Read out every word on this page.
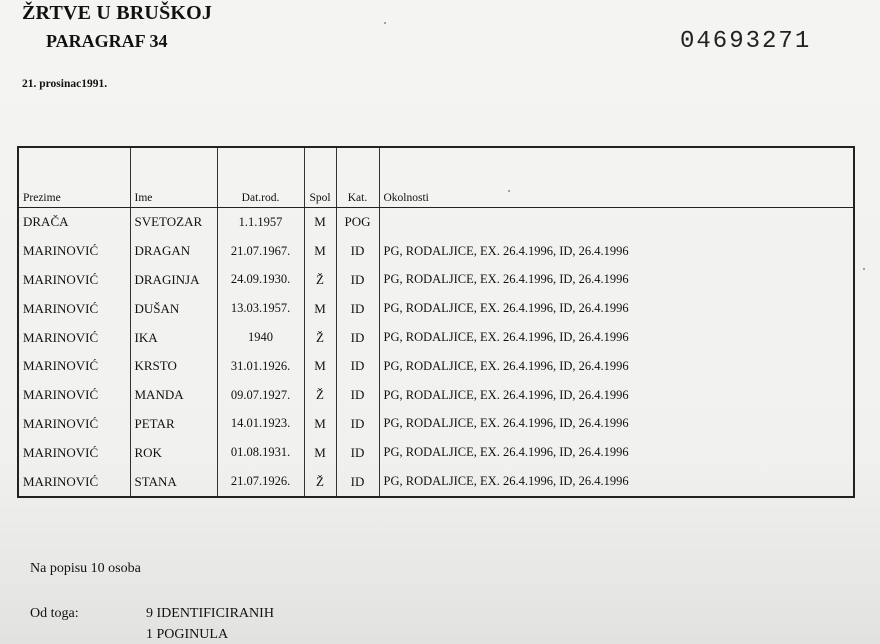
ŽRTVE U BRUŠKOJ
PARAGRAF 34	04693271
21. prosinac1991.
Prezime	Ime	Dat.rod.	Spol	Kat.	Okolnosti
DRAČA	SVETOZAR	1.1.1957	M	POG	
MARINOVIĆ	DRAGAN	21.07.1967.	M	ID	PG, RODALJICE, EX. 26.4.1996, ID, 26.4.1996
MARINOVIĆ	DRAGINJA	24.09.1930.	Ž	ID	PG, RODALJICE, EX. 26.4.1996, ID, 26.4.1996
MARINOVIĆ	DUŠAN	13.03.1957.	M	ID	PG, RODALJICE, EX. 26.4.1996, ID, 26.4.1996
MARINOVIĆ	IKA	1940	Ž	ID	PG, RODALJICE, EX. 26.4.1996, ID, 26.4.1996
MARINOVIĆ	KRSTO	31.01.1926.	M	ID	PG, RODALJICE, EX. 26.4.1996, ID, 26.4.1996
MARINOVIĆ	MANDA	09.07.1927.	Ž	ID	PG, RODALJICE, EX. 26.4.1996, ID, 26.4.1996
MARINOVIĆ	PETAR	14.01.1923.	M	ID	PG, RODALJICE, EX. 26.4.1996, ID, 26.4.1996
MARINOVIĆ	ROK	01.08.1931.	M	ID	PG, RODALJICE, EX. 26.4.1996, ID, 26.4.1996
MARINOVIĆ	STANA	21.07.1926.	Ž	ID	PG, RODALJICE, EX. 26.4.1996, ID, 26.4.1996
Na popisu 10 osoba
Od toga:	9 IDENTIFICIRANIH
1 POGINULA
